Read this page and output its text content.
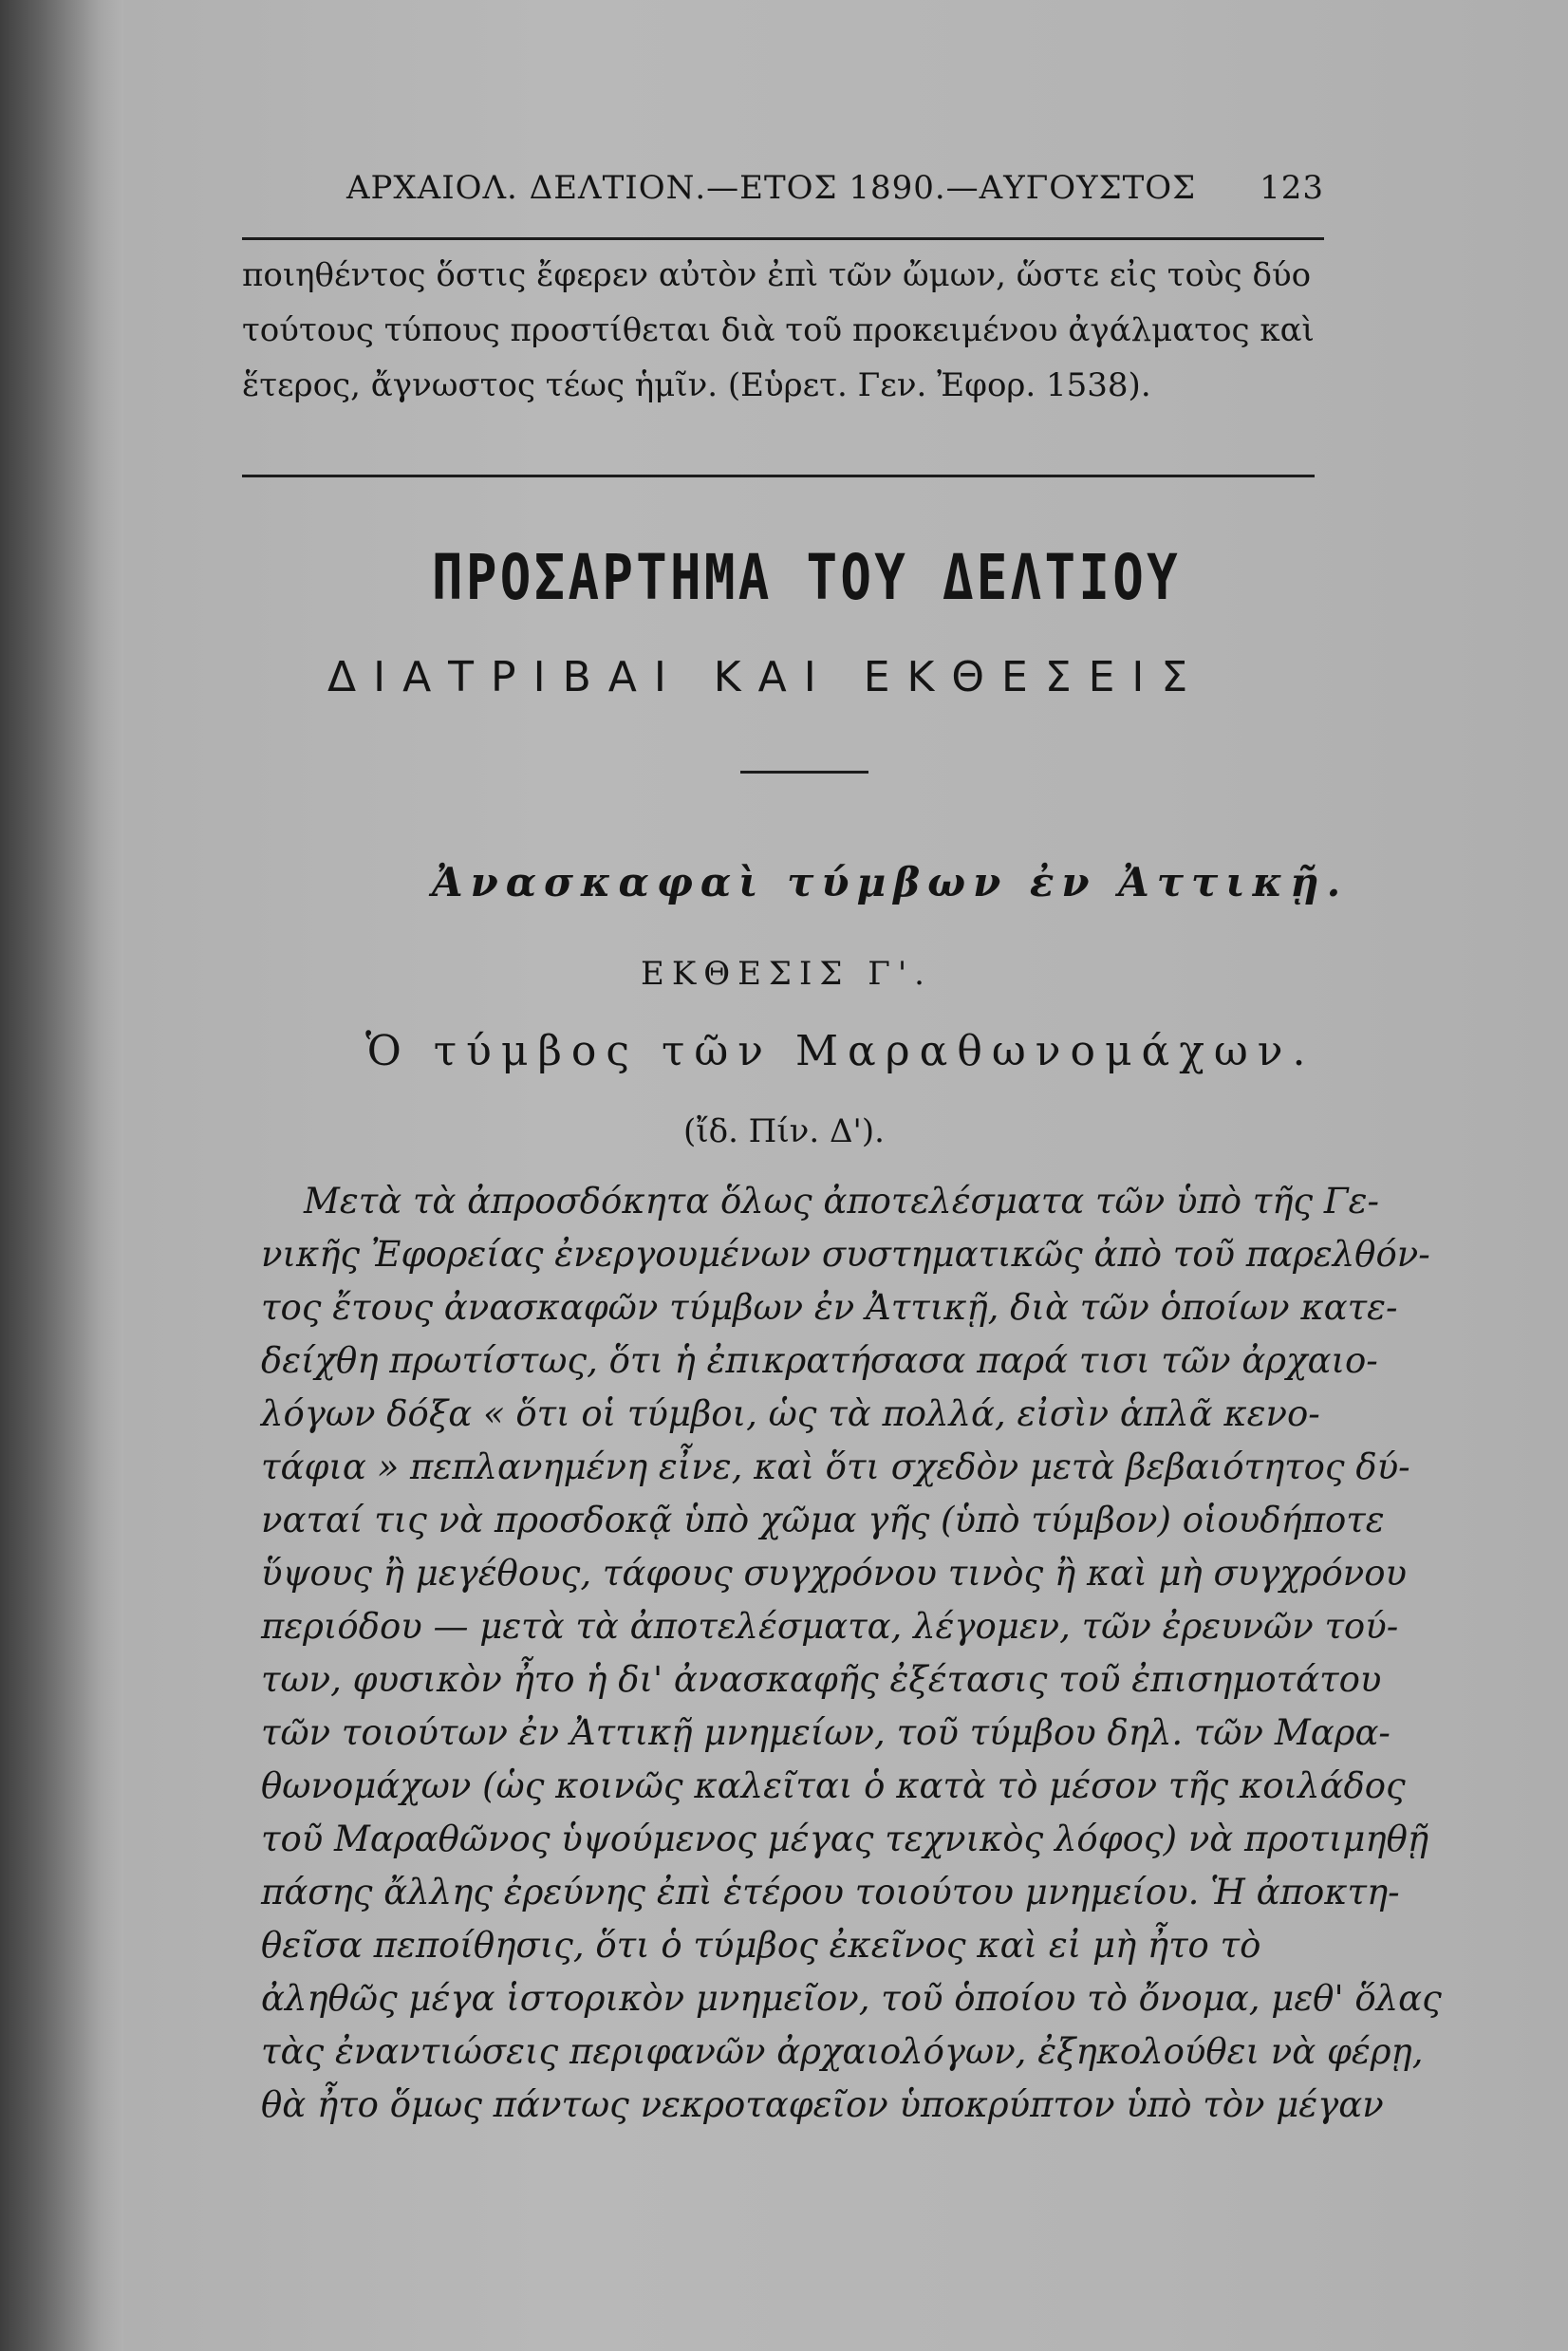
ΑΡΧΑΙΟΛ. ΔΕΛΤΙΟΝ.—ΕΤΟΣ 1890.—ΑΥΓΟΥΣΤΟΣ 123
ποιηθέντος ὅστις ἔφερεν αὐτὸν ἐπὶ τῶν ὤμων, ὥστε εἰς τοὺς δύο
τούτους τύπους προστίθεται διὰ τοῦ προκειμένου ἀγάλματος καὶ
ἕτερος, ἄγνωστος τέως ἡμῖν. (Εὑρετ. Γεν. Ἐφορ. 1538).
ΠΡΟΣΑΡΤΗΜΑ ΤΟΥ ΔΕΛΤΙΟΥ
ΔΙΑΤΡΙΒΑΙ ΚΑΙ ΕΚΘΕΣΕΙΣ
Ἀνασκαφαὶ τύμβων ἐν Ἀττικῇ.
ΕΚΘΕΣΙΣ Γ'.
Ὁ τύμβος τῶν Μαραθωνομάχων.
(ἴδ. Πίν. Δ').
Μετὰ τὰ ἀπροσδόκητα ὅλως ἀποτελέσματα τῶν ὑπὸ τῆς Γε-
νικῆς Ἐφορείας ἐνεργουμένων συστηματικῶς ἀπὸ τοῦ παρελθόν-
τος ἔτους ἀνασκαφῶν τύμβων ἐν Ἀττικῇ, διὰ τῶν ὁποίων κατε-
δείχθη πρωτίστως, ὅτι ἡ ἐπικρατήσασα παρά τισι τῶν ἀρχαιο-
λόγων δόξα « ὅτι οἱ τύμβοι, ὡς τὰ πολλά, εἰσὶν ἁπλᾶ κενο-
τάφια » πεπλανημένη εἶνε, καὶ ὅτι σχεδὸν μετὰ βεβαιότητος δύ-
ναταί τις νὰ προσδοκᾷ ὑπὸ χῶμα γῆς (ὑπὸ τύμβον) οἱουδήποτε
ὕψους ἢ μεγέθους, τάφους συγχρόνου τινὸς ἢ καὶ μὴ συγχρόνου
περιόδου — μετὰ τὰ ἀποτελέσματα, λέγομεν, τῶν ἐρευνῶν τού-
των, φυσικὸν ἦτο ἡ δι' ἀνασκαφῆς ἐξέτασις τοῦ ἐπισημοτάτου
τῶν τοιούτων ἐν Ἀττικῇ μνημείων, τοῦ τύμβου δηλ. τῶν Μαρα-
θωνομάχων (ὡς κοινῶς καλεῖται ὁ κατὰ τὸ μέσον τῆς κοιλάδος
τοῦ Μαραθῶνος ὑψούμενος μέγας τεχνικὸς λόφος) νὰ προτιμηθῇ
πάσης ἄλλης ἐρεύνης ἐπὶ ἑτέρου τοιούτου μνημείου. Ἡ ἀποκτη-
θεῖσα πεποίθησις, ὅτι ὁ τύμβος ἐκεῖνος καὶ εἰ μὴ ἦτο τὸ
ἀληθῶς μέγα ἱστορικὸν μνημεῖον, τοῦ ὁποίου τὸ ὄνομα, μεθ' ὅλας
τὰς ἐναντιώσεις περιφανῶν ἀρχαιολόγων, ἐξηκολούθει νὰ φέρῃ,
θὰ ἦτο ὅμως πάντως νεκροταφεῖον ὑποκρύπτον ὑπὸ τὸν μέγαν
